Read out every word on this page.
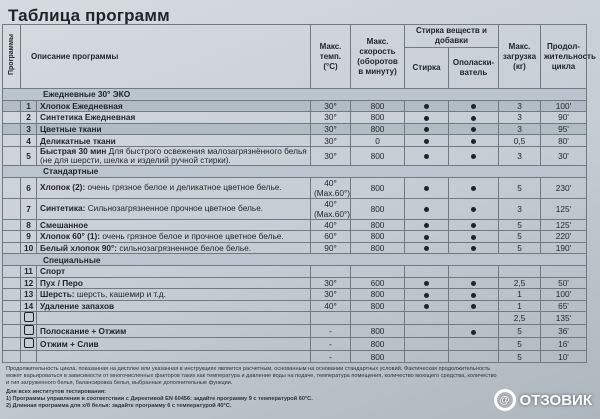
Таблица программ
Программы	Описание программы		Макс. темп. (°С)	Макс. скорость (оборотов в минуту)	Стирка веществ и добавки		Макс. загрузка (кг)	Продол-жительность цикла
					Стирка	Ополаски-ватель		
Ежедневные 30° ЭКО								
	1	Хлопок Ежедневная	30°	800			3	100'
	2	Синтетика Ежедневная	30°	800			3	90'
	3	Цветные ткани	30°	800			3	95'
	4	Деликатные ткани	30°	0			0,5	80'
	5	Быстрая 30 мин Для быстрого освежения малозагрязнённого белья (не для шерсти, шелка и изделий ручной стирки).	30°	800			3	30'
Стандартные								
	6	Хлопок (2): очень грязное белое и деликатное цветное белье.	40°
(Max.60°)	800			5	230'
	7	Синтетика: Сильнозагрязненное прочное цветное белье.	40°
(Max.60°)	800			3	125'
	8	Смешанное	40°	800			5	125'
	9	Хлопок 60° (1): очень грязное белое и прочное цветное белье.	60°	800			5	220'
	10	Белый хлопок 90°: сильнозагрязненное белое белье.	90°	800			5	190'
Специальные								
	11	Спорт	

	12	Пух / Перо	30°	600			2,5	50'
	13	Шерсть: шерсть, кашемир и т.д.	30°	800			1	100'
	14	Удаление запахов	40°	800			1	65'

				2,5	135'
		Полоскание + Отжим	-	800			5	36'
		Отжим + Слив	-	800			5	16'

			-	800			5	10'
Продолжительность цикла, показанная на дисплее или указанная в инструкциях является расчетным, основанным на основании стандартных условий. Фактическая продолжительность
может варьироваться в зависимости от многочисленных факторов таких как температура и давление воды на подаче, температура помещения, количество моющего средства, количество
и тип загруженного белья, балансировка белья, выбранные дополнительные функции.
Для всех институтов тестирования:
1) Программы управления в соответствии с Директивой EN 60456: задайте программу 9 с температурой 60°С.
2) Длинная программа для х/б белья: задайте программу 6 с температурой 40°С.
@ ОТЗОВИК
